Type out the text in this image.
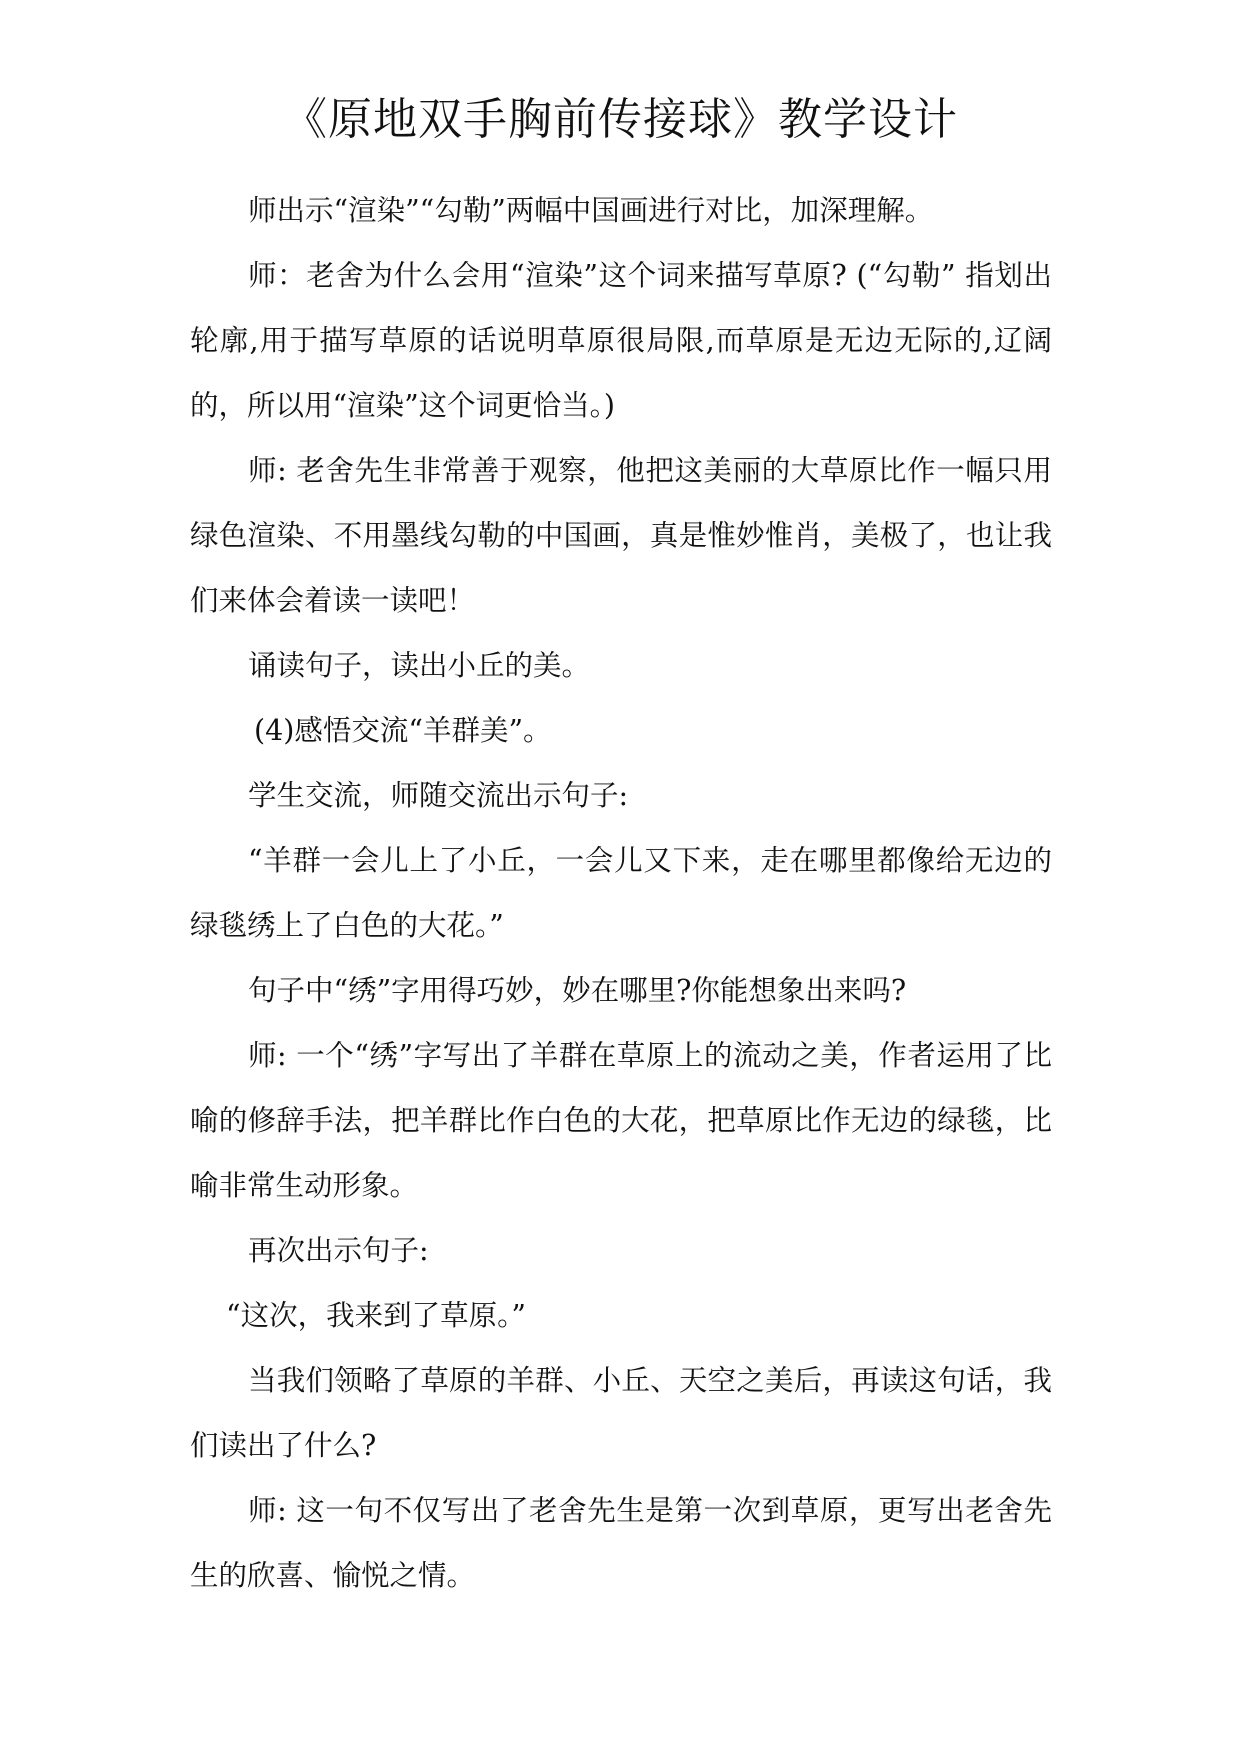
《原地双手胸前传接球》教学设计

师出示“渲染”“勾勒”两幅中国画进行对比，加深理解。

师：老舍为什么会用“渲染”这个词来描写草原? (“勾勒” 指划出轮廓,用于描写草原的话说明草原很局限,而草原是无边无际的,辽阔的，所以用“渲染”这个词更恰当。)

师: 老舍先生非常善于观察，他把这美丽的大草原比作一幅只用绿色渲染、不用墨线勾勒的中国画，真是惟妙惟肖，美极了，也让我们来体会着读一读吧！

诵读句子，读出小丘的美。

(4)感悟交流“羊群美”。

学生交流，师随交流出示句子:

“羊群一会儿上了小丘，一会儿又下来，走在哪里都像给无边的绿毯绣上了白色的大花。”

句子中“绣”字用得巧妙，妙在哪里?你能想象出来吗?

师: 一个“绣”字写出了羊群在草原上的流动之美，作者运用了比喻的修辞手法，把羊群比作白色的大花，把草原比作无边的绿毯，比喻非常生动形象。

再次出示句子:

“这次，我来到了草原。”

当我们领略了草原的羊群、小丘、天空之美后，再读这句话，我们读出了什么?

师: 这一句不仅写出了老舍先生是第一次到草原，更写出老舍先生的欣喜、愉悦之情。
